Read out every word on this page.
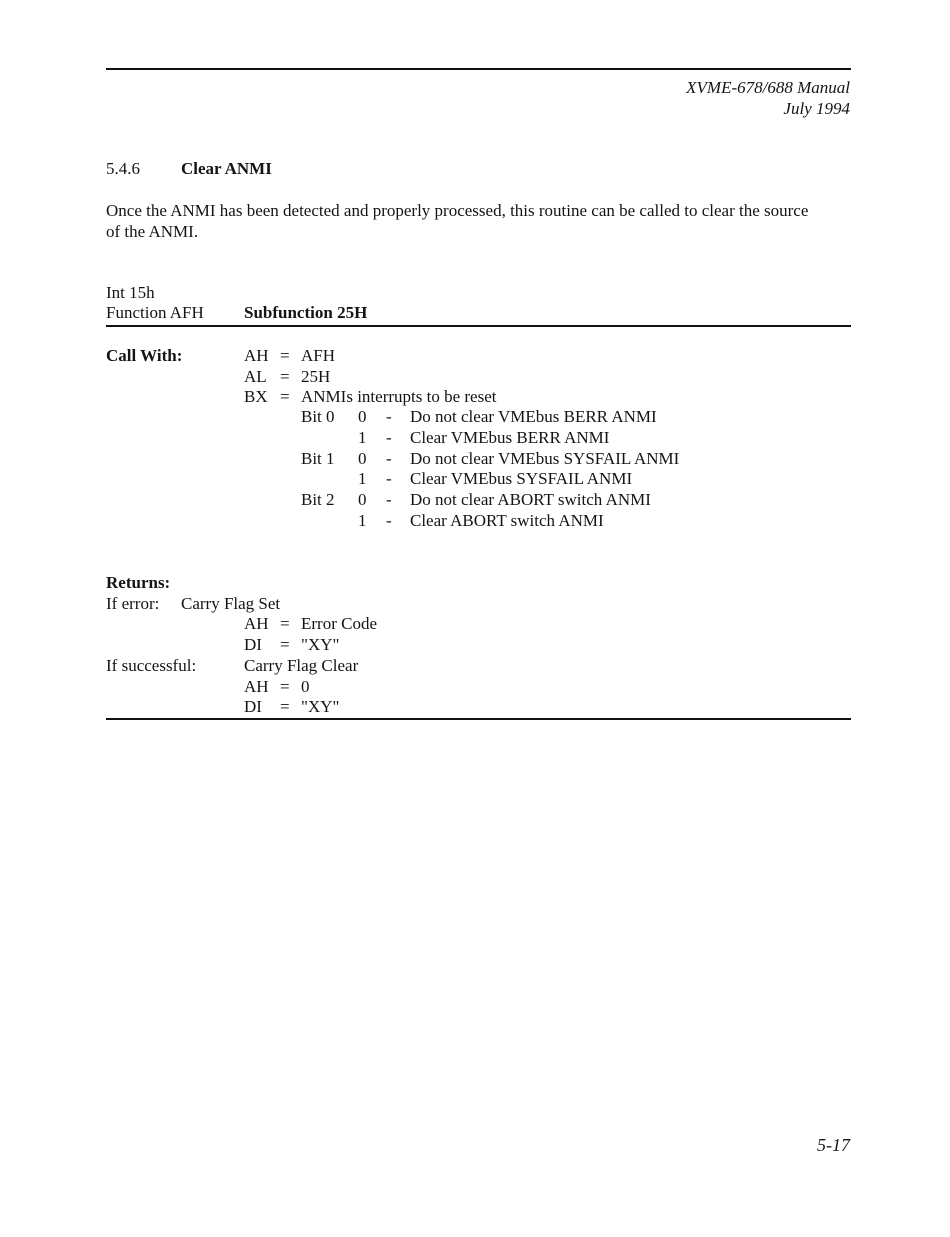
XVME-678/688 Manual
July 1994
5.4.6 Clear ANMI
Once the ANMI has been detected and properly processed, this routine can be called to clear the source
of the ANMI.
Int 15h
Function AFH Subfunction 25H
Call With:	AH = AFH
AL = 25H
BX = ANMIs interrupts to be reset
Bit 0 0 - Do not clear VMEbus BERR ANMI
1 - Clear VMEbus BERR ANMI
Bit 1 0 - Do not clear VMEbus SYSFAIL ANMI
1 - Clear VMEbus SYSFAIL ANMI
Bit 2 0 - Do not clear ABORT switch ANMI
1 - Clear ABORT switch ANMI
Returns:
If error: Carry Flag Set
AH = Error Code
DI = "XY"
If successful:	Carry Flag Clear
AH = 0
DI = "XY"
5-17
